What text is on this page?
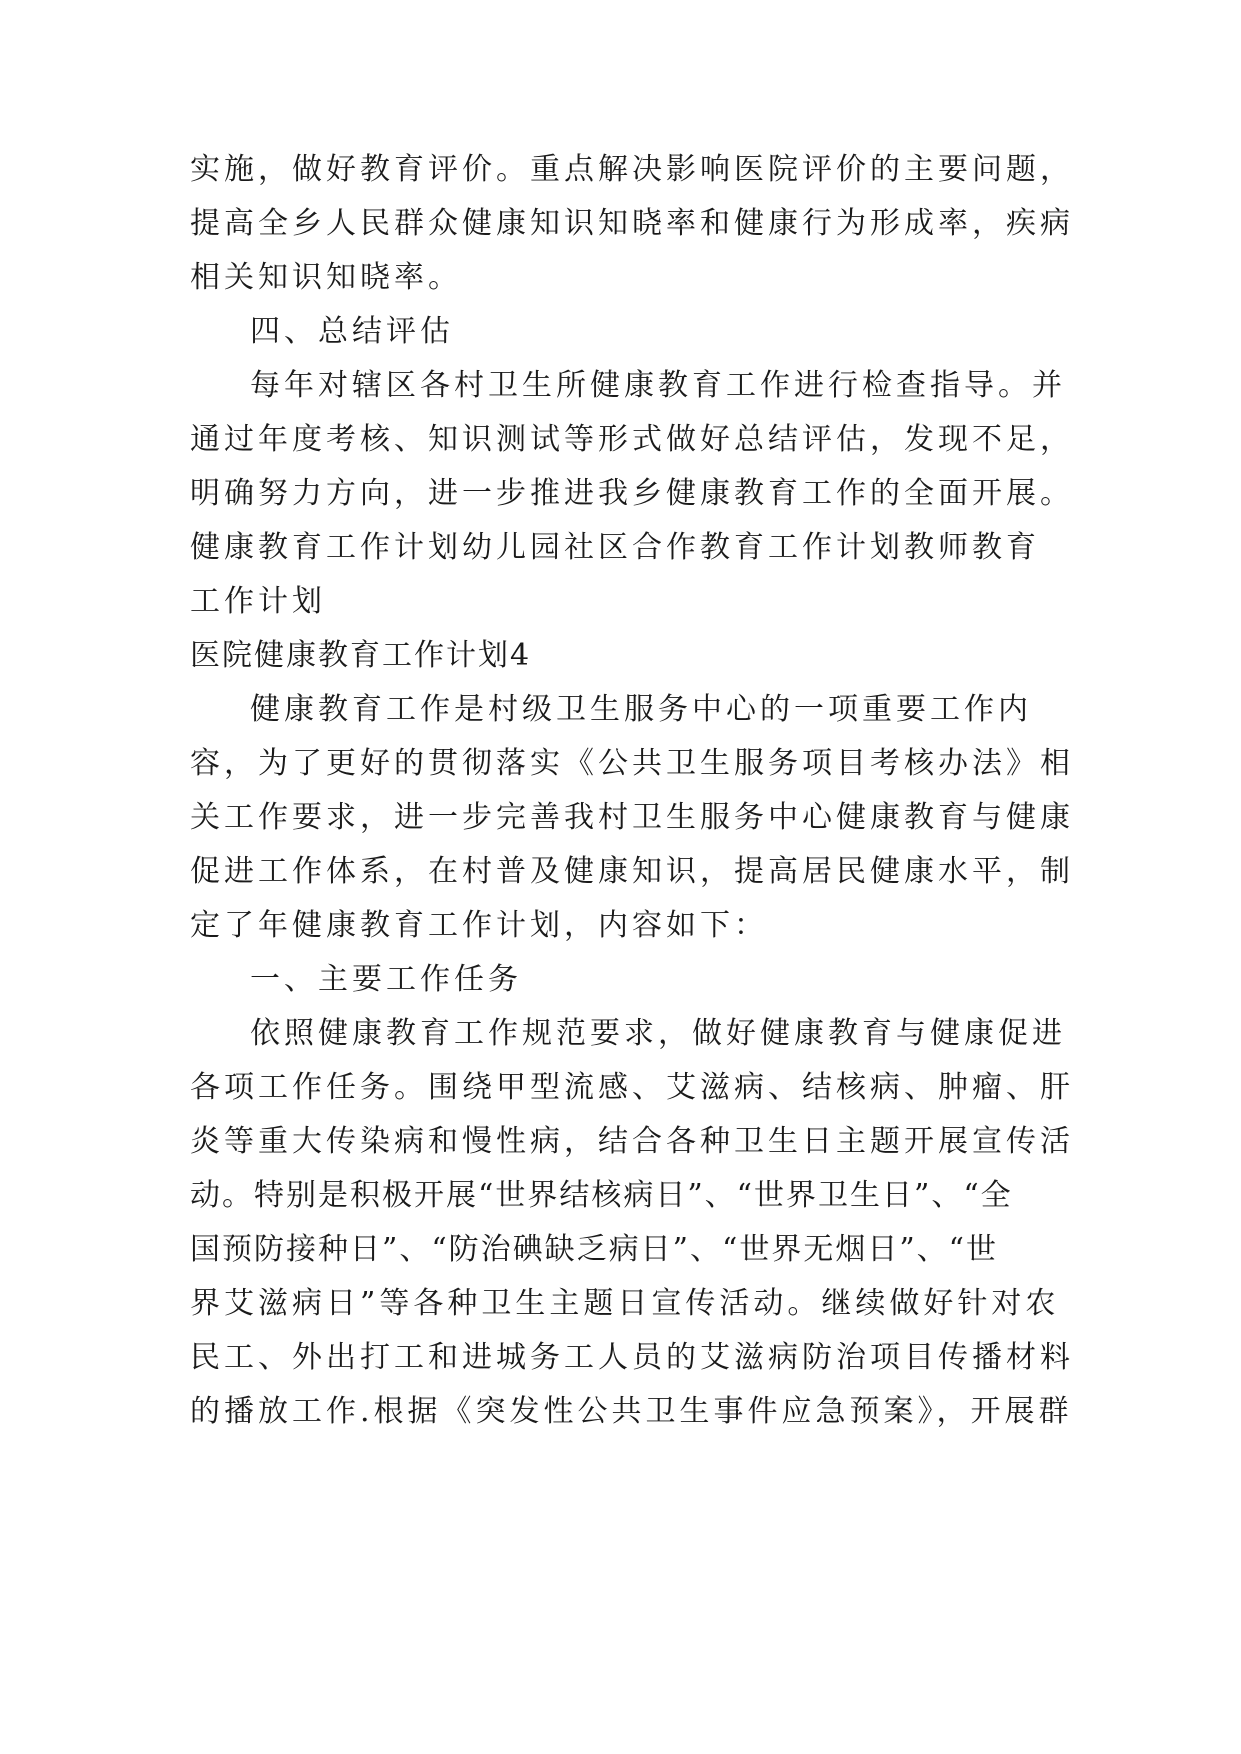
实施，做好教育评价。重点解决影响医院评价的主要问题，
提高全乡人民群众健康知识知晓率和健康行为形成率，疾病
相关知识知晓率。
四、总结评估
每年对辖区各村卫生所健康教育工作进行检查指导。并
通过年度考核、知识测试等形式做好总结评估，发现不足，
明确努力方向，进一步推进我乡健康教育工作的全面开展。
健康教育工作计划幼儿园社区合作教育工作计划教师教育
工作计划
医院健康教育工作计划4
健康教育工作是村级卫生服务中心的一项重要工作内
容，为了更好的贯彻落实《公共卫生服务项目考核办法》相
关工作要求，进一步完善我村卫生服务中心健康教育与健康
促进工作体系，在村普及健康知识，提高居民健康水平，制
定了年健康教育工作计划，内容如下：
一、主要工作任务
依照健康教育工作规范要求，做好健康教育与健康促进
各项工作任务。围绕甲型流感、艾滋病、结核病、肿瘤、肝
炎等重大传染病和慢性病，结合各种卫生日主题开展宣传活
动。特别是积极开展“世界结核病日”、“世界卫生日”、“全
国预防接种日”、“防治碘缺乏病日”、“世界无烟日”、“世
界艾滋病日”等各种卫生主题日宣传活动。继续做好针对农
民工、外出打工和进城务工人员的艾滋病防治项目传播材料
的播放工作.根据《突发性公共卫生事件应急预案》，开展群
